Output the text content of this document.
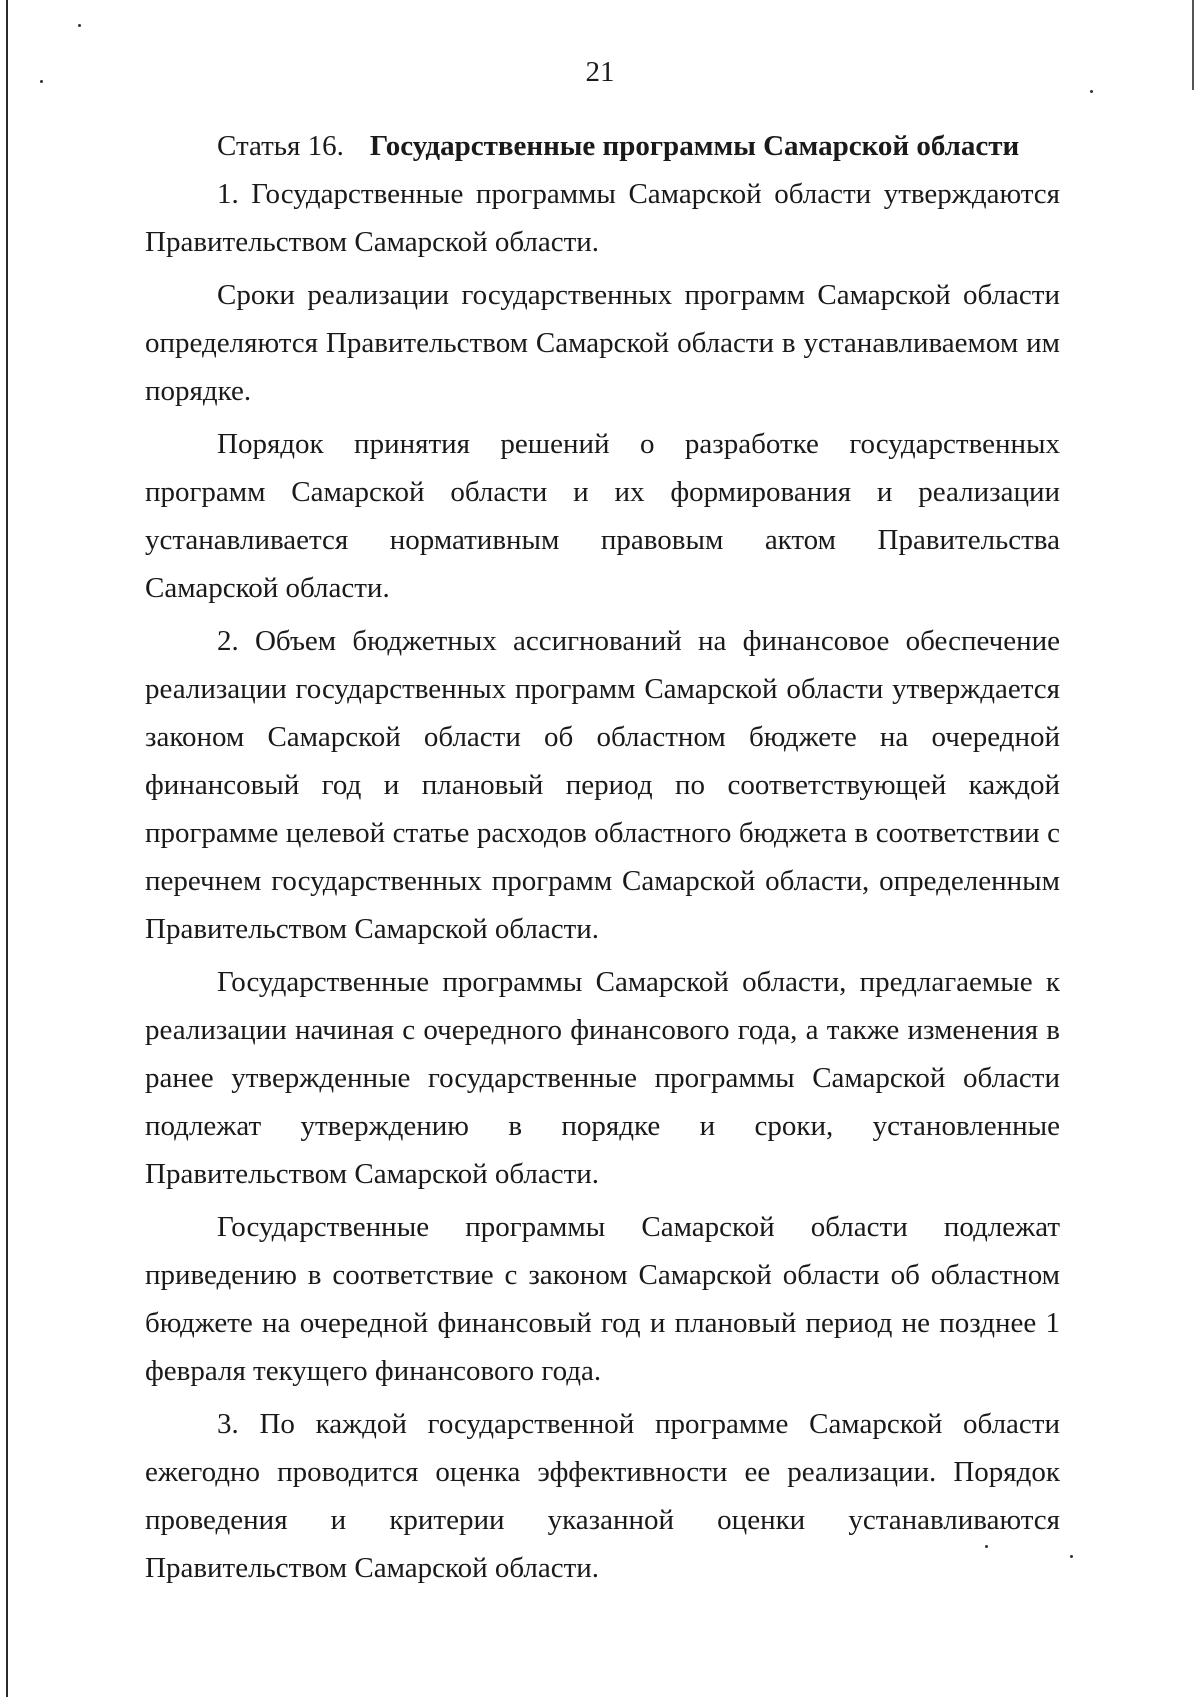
21
Статья 16. Государственные программы Самарской области

1. Государственные программы Самарской области утверждаются Правительством Самарской области.

Сроки реализации государственных программ Самарской области определяются Правительством Самарской области в устанавливаемом им порядке.

Порядок принятия решений о разработке государственных программ Самарской области и их формирования и реализации устанавливается нормативным правовым актом Правительства Самарской области.

2. Объем бюджетных ассигнований на финансовое обеспечение реализации государственных программ Самарской области утверждается законом Самарской области об областном бюджете на очередной финансовый год и плановый период по соответствующей каждой программе целевой статье расходов областного бюджета в соответствии с перечнем государственных программ Самарской области, определенным Правительством Самарской области.

Государственные программы Самарской области, предлагаемые к реализации начиная с очередного финансового года, а также изменения в ранее утвержденные государственные программы Самарской области подлежат утверждению в порядке и сроки, установленные Правительством Самарской области.

Государственные программы Самарской области подлежат приведению в соответствие с законом Самарской области об областном бюджете на очередной финансовый год и плановый период не позднее 1 февраля текущего финансового года.

3. По каждой государственной программе Самарской области ежегодно проводится оценка эффективности ее реализации. Порядок проведения и критерии указанной оценки устанавливаются Правительством Самарской области.
